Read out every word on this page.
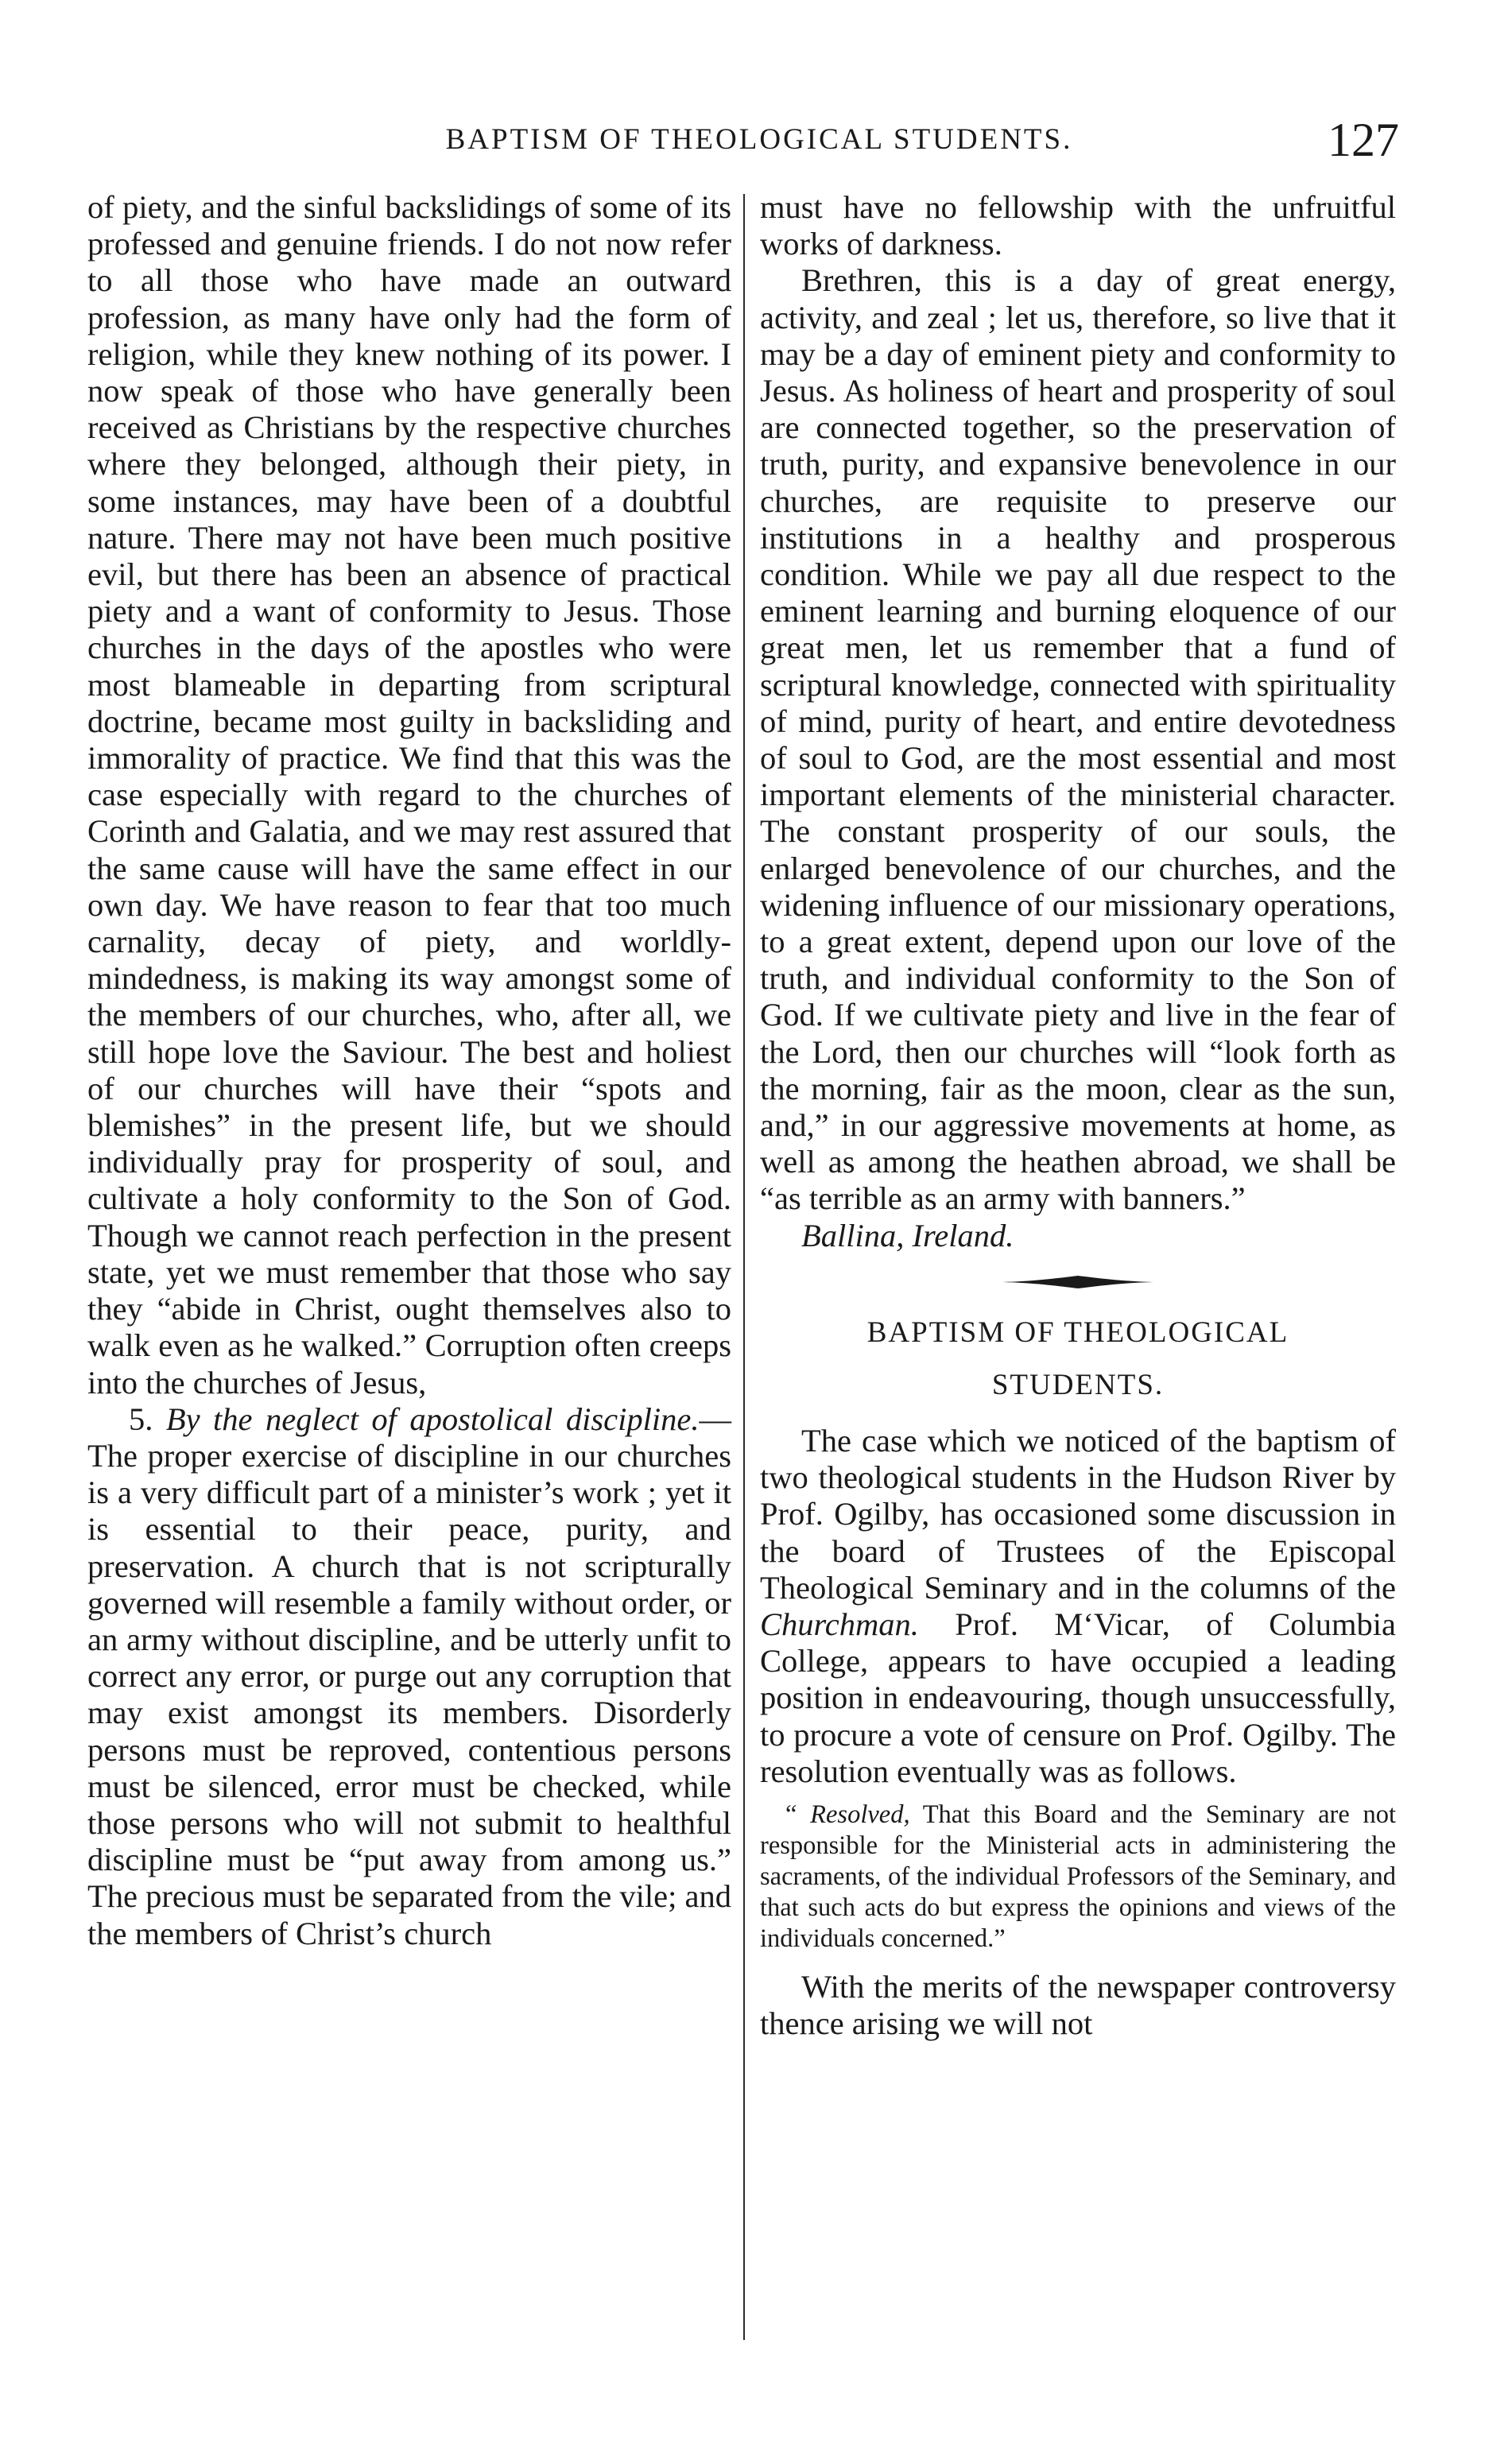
BAPTISM OF THEOLOGICAL STUDENTS.	127

of piety, and the sinful backslidings of some of its professed and genuine friends. I do not now refer to all those who have made an outward profession, as many have only had the form of religion, while they knew nothing of its power. I now speak of those who have generally been received as Christians by the respective churches where they belonged, although their piety, in some instances, may have been of a doubtful nature. There may not have been much positive evil, but there has been an absence of practical piety and a want of conformity to Jesus. Those churches in the days of the apostles who were most blameable in departing from scriptural doctrine, became most guilty in backsliding and immorality of practice. We find that this was the case especially with regard to the churches of Corinth and Galatia, and we may rest assured that the same cause will have the same effect in our own day. We have reason to fear that too much carnality, decay of piety, and worldly-mindedness, is making its way amongst some of the members of our churches, who, after all, we still hope love the Saviour. The best and holiest of our churches will have their “spots and blemishes” in the present life, but we should individually pray for prosperity of soul, and cultivate a holy conformity to the Son of God. Though we cannot reach perfection in the present state, yet we must remember that those who say they “abide in Christ, ought themselves also to walk even as he walked.” Corruption often creeps into the churches of Jesus,

5. By the neglect of apostolical discipline.—The proper exercise of discipline in our churches is a very difficult part of a minister’s work ; yet it is essential to their peace, purity, and preservation. A church that is not scripturally governed will resemble a family without order, or an army without discipline, and be utterly unfit to correct any error, or purge out any corruption that may exist amongst its members. Disorderly persons must be reproved, contentious persons must be silenced, error must be checked, while those persons who will not submit to healthful discipline must be “put away from among us.” The precious must be separated from the vile; and the members of Christ’s church

must have no fellowship with the unfruitful works of darkness.

Brethren, this is a day of great energy, activity, and zeal ; let us, therefore, so live that it may be a day of eminent piety and conformity to Jesus. As holiness of heart and prosperity of soul are connected together, so the preservation of truth, purity, and expansive benevolence in our churches, are requisite to preserve our institutions in a healthy and prosperous condition. While we pay all due respect to the eminent learning and burning eloquence of our great men, let us remember that a fund of scriptural knowledge, connected with spirituality of mind, purity of heart, and entire devotedness of soul to God, are the most essential and most important elements of the ministerial character. The constant prosperity of our souls, the enlarged benevolence of our churches, and the widening influence of our missionary operations, to a great extent, depend upon our love of the truth, and individual conformity to the Son of God. If we cultivate piety and live in the fear of the Lord, then our churches will “look forth as the morning, fair as the moon, clear as the sun, and,” in our aggressive movements at home, as well as among the heathen abroad, we shall be “as terrible as an army with banners.”

Ballina, Ireland.

BAPTISM OF THEOLOGICAL
STUDENTS.

The case which we noticed of the baptism of two theological students in the Hudson River by Prof. Ogilby, has occasioned some discussion in the board of Trustees of the Episcopal Theological Seminary and in the columns of the Churchman. Prof. M‘Vicar, of Columbia College, appears to have occupied a leading position in endeavouring, though unsuccessfully, to procure a vote of censure on Prof. Ogilby. The resolution eventually was as follows.

“ Resolved, That this Board and the Seminary are not responsible for the Ministerial acts in administering the sacraments, of the individual Professors of the Seminary, and that such acts do but express the opinions and views of the individuals concerned.”

With the merits of the newspaper controversy thence arising we will not
